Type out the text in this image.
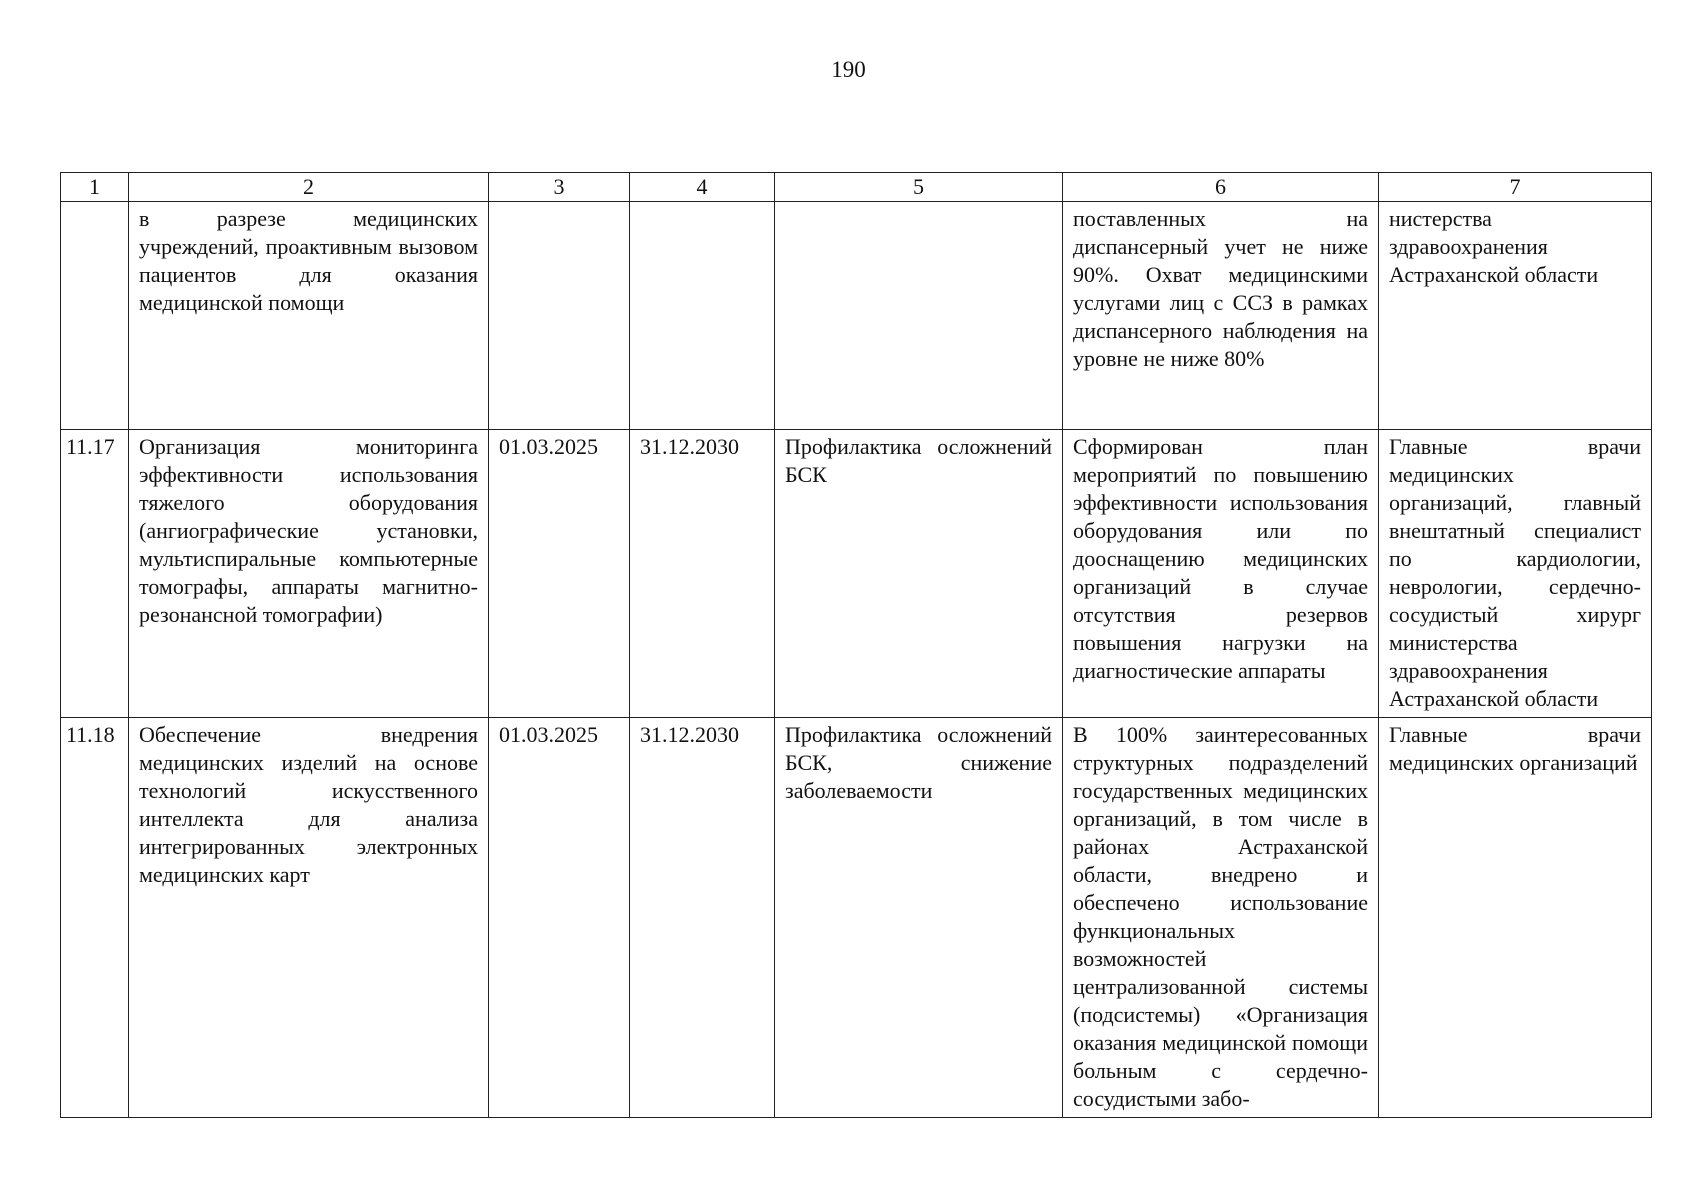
190
1	2	3	4	5	6	7
	в разрезе медицинских учреждений, проактивным вызовом пациентов для оказания медицинской помощи				поставленных на диспансерный учет не ниже 90%. Охват медицинскими услугами лиц с ССЗ в рамках диспансерного наблюдения на уровне не ниже 80%	нистерства здравоохранения Астраханской области
11.17	Организация мониторинга эффективности использования тяжелого оборудования (ангиографические установки, мультиспиральные компьютерные томографы, аппараты магнитно-резонансной томографии)	01.03.2025	31.12.2030	Профилактика осложнений БСК	Сформирован план мероприятий по повышению эффективности использования оборудования или по дооснащению медицинских организаций в случае отсутствия резервов повышения нагрузки на диагностические аппараты	Главные врачи медицинских организаций, главный внештатный специалист по кардиологии, неврологии, сердечно-сосудистый хирург министерства здравоохранения Астраханской области
11.18	Обеспечение внедрения медицинских изделий на основе технологий искусственного интеллекта для анализа интегрированных электронных медицинских карт	01.03.2025	31.12.2030	Профилактика осложнений БСК, снижение заболеваемости	В 100% заинтересованных структурных подразделений государственных медицинских организаций, в том числе в районах Астраханской области, внедрено и обеспечено использование функциональных возможностей централизованной системы (подсистемы) «Организация оказания медицинской помощи больным с сердечно-сосудистыми забо-	Главные врачи медицинских организаций
